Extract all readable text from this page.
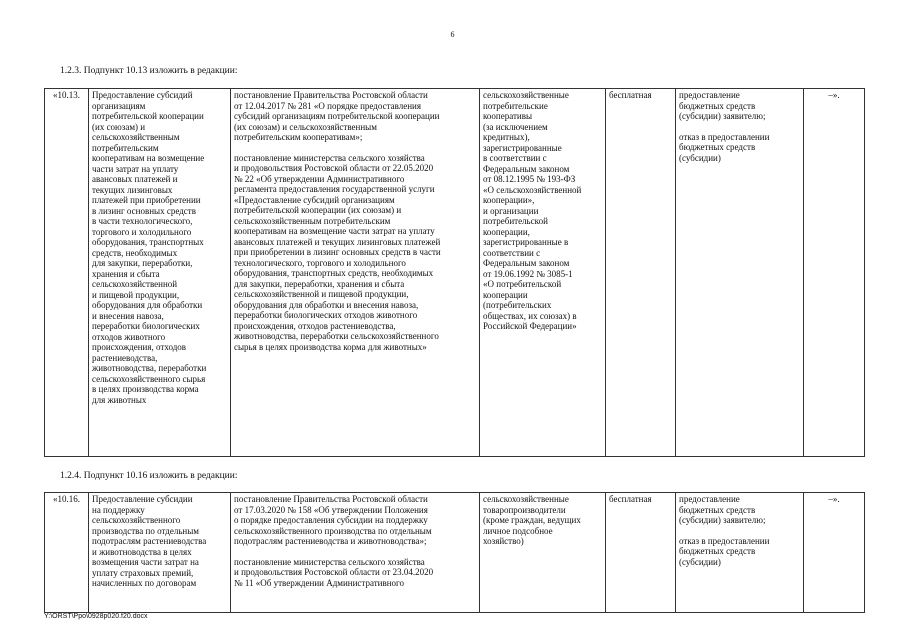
6
1.2.3. Подпункт 10.13 изложить в редакции:
«10.13.	Предоставление субсидий
организациям
потребительской кооперации
(их союзам) и
сельскохозяйственным
потребительским
кооперативам на возмещение
части затрат на уплату
авансовых платежей и
текущих лизинговых
платежей при приобретении
в лизинг основных средств
в части технологического,
торгового и холодильного
оборудования, транспортных
средств, необходимых
для закупки, переработки,
хранения и сбыта
сельскохозяйственной
и пищевой продукции,
оборудования для обработки
и внесения навоза,
переработки биологических
отходов животного
происхождения, отходов
растениеводства,
животноводства, переработки
сельскохозяйственного сырья
в целях производства корма
для животных

постановление Правительства Ростовской области
от 12.04.2017 № 281 «О порядке предоставления
субсидий организациям потребительской кооперации
(их союзам) и сельскохозяйственным
потребительским кооперативам»;
постановление министерства сельского хозяйства
и продовольствия Ростовской области от 22.05.2020
№ 22 «Об утверждении Административного
регламента предоставления государственной услуги
«Предоставление субсидий организациям
потребительской кооперации (их союзам) и
сельскохозяйственным потребительским
кооперативам на возмещение части затрат на уплату
авансовых платежей и текущих лизинговых платежей
при приобретении в лизинг основных средств в части
технологического, торгового и холодильного
оборудования, транспортных средств, необходимых
для закупки, переработки, хранения и сбыта
сельскохозяйственной и пищевой продукции,
оборудования для обработки и внесения навоза,
переработки биологических отходов животного
происхождения, отходов растениеводства,
животноводства, переработки сельскохозяйственного
сырья в целях производства корма для животных»

сельскохозяйственные
потребительские
кооперативы
(за исключением
кредитных),
зарегистрированные
в соответствии с
Федеральным законом
от 08.12.1995 № 193-ФЗ
«О сельскохозяйственной
кооперации»,
и организации
потребительской
кооперации,
зарегистрированные в
соответствии с
Федеральным законом
от 19.06.1992 № 3085-1
«О потребительской
кооперации
(потребительских
обществах, их союзах) в
Российской Федерации»
	бесплатная	предоставление
бюджетных средств
(субсидии) заявителю;
отказ в предоставлении
бюджетных средств
(субсидии)
	–».
1.2.4. Подпункт 10.16 изложить в редакции:
«10.16.	Предоставление субсидии
на поддержку
сельскохозяйственного
производства по отдельным
подотраслям растениеводства
и животноводства в целях
возмещения части затрат на
уплату страховых премий,
начисленных по договорам

постановление Правительства Ростовской области
от 17.03.2020 № 158 «Об утверждении Положения
о порядке предоставления субсидии на поддержку
сельскохозяйственного производства по отдельным
подотраслям растениеводства и животноводства»;
постановление министерства сельского хозяйства
и продовольствия Ростовской области от 23.04.2020
№ 11 «Об утверждении Административного

сельскохозяйственные
товаропроизводители
(кроме граждан, ведущих
личное подсобное
хозяйство)
	бесплатная	предоставление
бюджетных средств
(субсидии) заявителю;
отказ в предоставлении
бюджетных средств
(субсидии)
	–».
Y:\ORST\Ppo\0928p020.f20.docx
